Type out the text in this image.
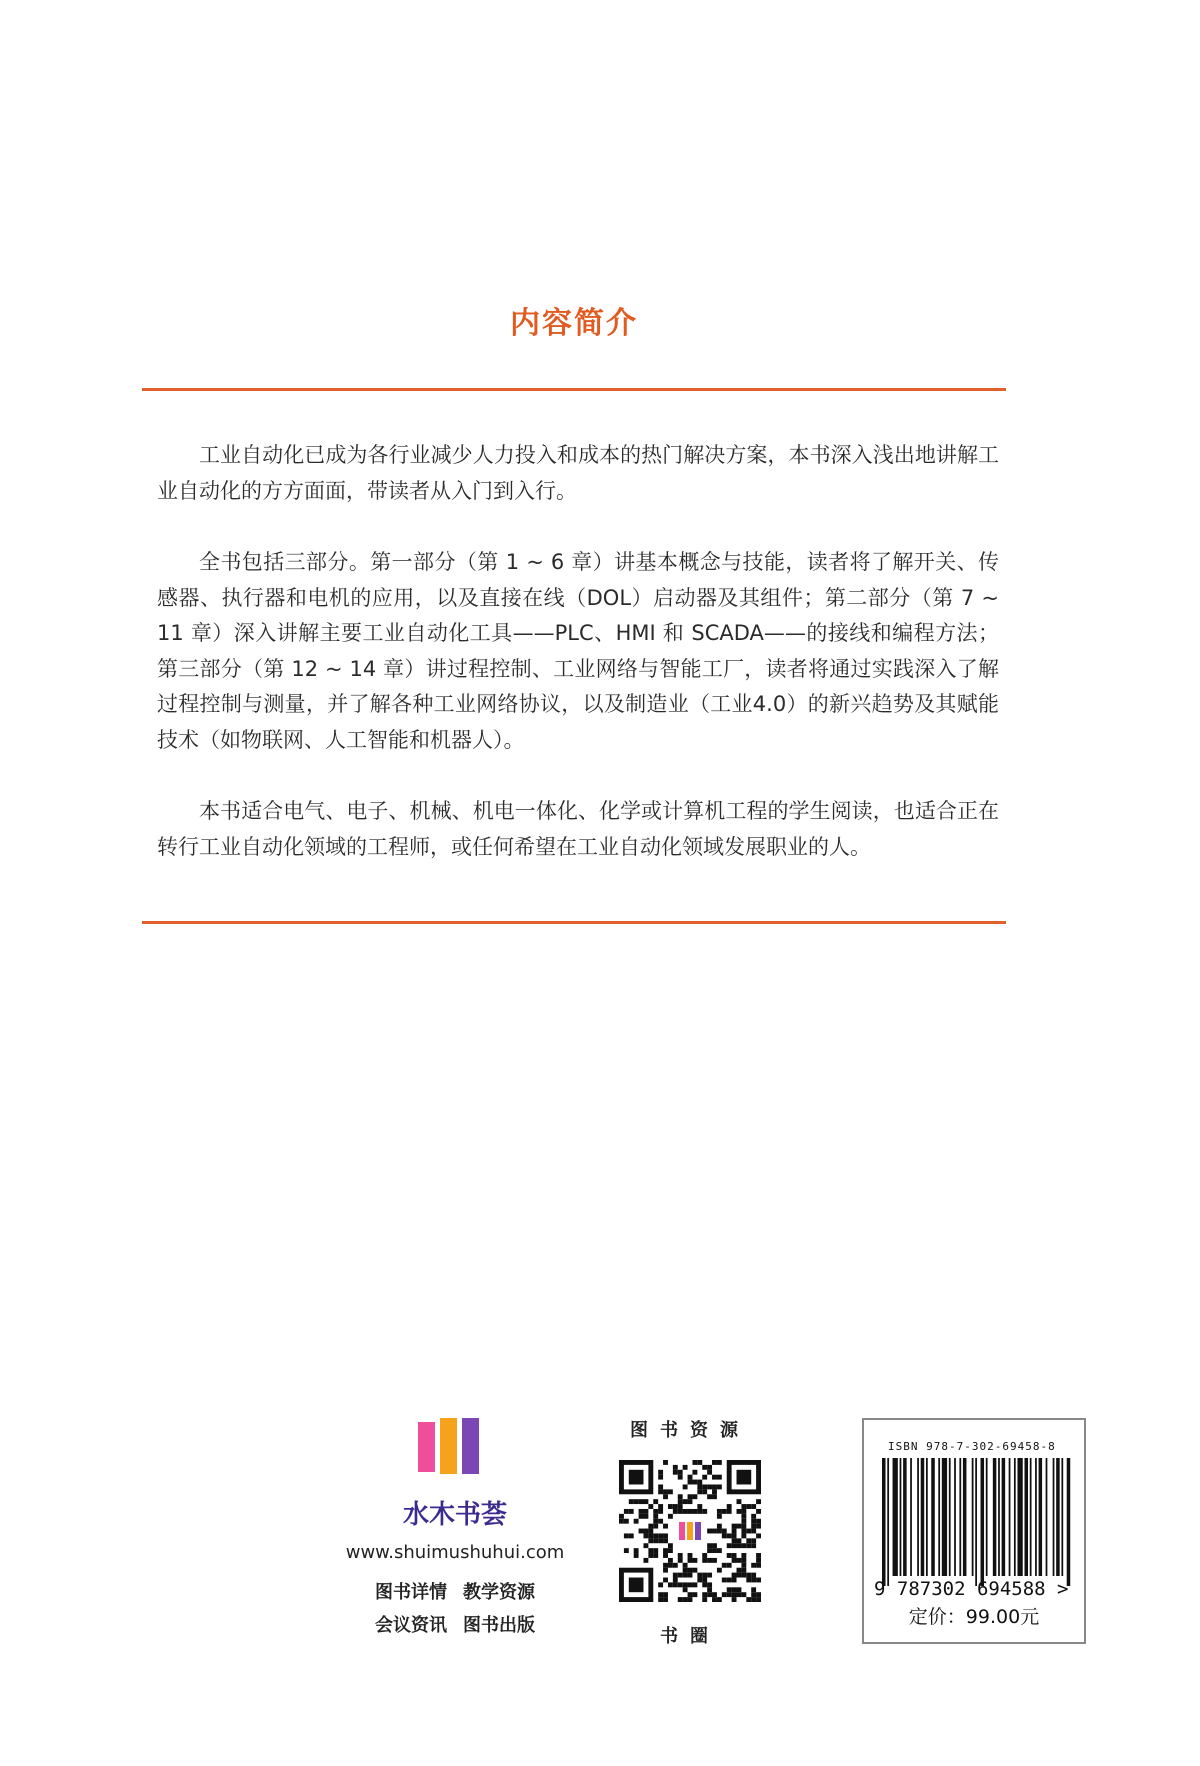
内容简介

工业自动化已成为各行业减少人力投入和成本的热门解决方案，本书深入浅出地讲解工业自动化的方方面面，带读者从入门到入行。

全书包括三部分。第一部分（第 1 ~ 6 章）讲基本概念与技能，读者将了解开关、传感器、执行器和电机的应用，以及直接在线（DOL）启动器及其组件；第二部分（第 7 ~ 11 章）深入讲解主要工业自动化工具——PLC、HMI 和 SCADA——的接线和编程方法；第三部分（第 12 ~ 14 章）讲过程控制、工业网络与智能工厂，读者将通过实践深入了解过程控制与测量，并了解各种工业网络协议，以及制造业（工业4.0）的新兴趋势及其赋能技术（如物联网、人工智能和机器人）。

本书适合电气、电子、机械、机电一体化、化学或计算机工程的学生阅读，也适合正在转行工业自动化领域的工程师，或任何希望在工业自动化领域发展职业的人。

水木书荟
www.shuimushuhui.com
图书详情 教学资源
会议资讯 图书出版
图书资源
书圈
ISBN 978-7-302-69458-8
9 787302 694588 >
定价：99.00元
